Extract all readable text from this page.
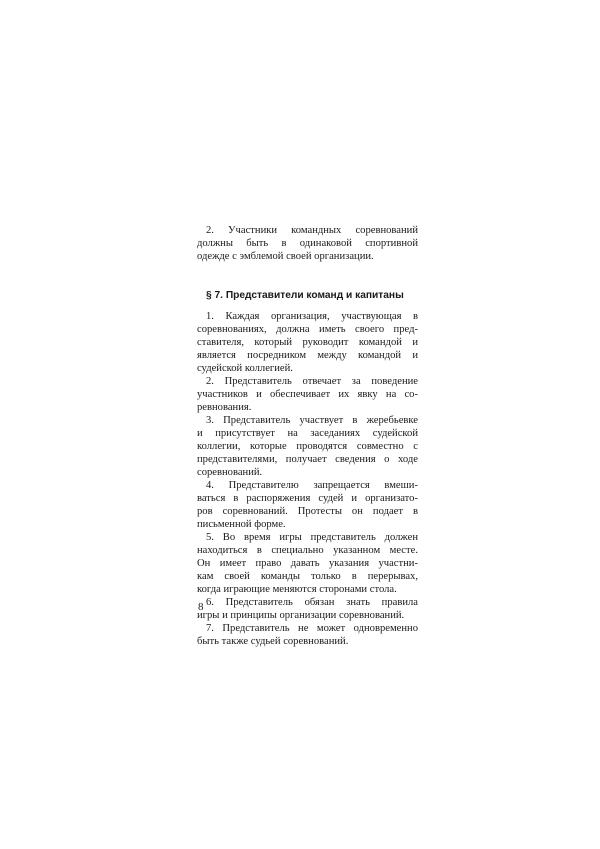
2. Участники командных соревнований
должны быть в одинаковой спортивной
одежде с эмблемой своей организации.
§ 7. Представители команд и капитаны
1. Каждая организация, участвующая в
соревнованиях, должна иметь своего пред-
ставителя, который руководит командой и
является посредником между командой и
судейской коллегией.
2. Представитель отвечает за поведение
участников и обеспечивает их явку на со-
ревнования.
3. Представитель участвует в жеребьевке
и присутствует на заседаниях судейской
коллегии, которые проводятся совместно с
представителями, получает сведения о ходе
соревнований.
4. Представителю запрещается вмеши-
ваться в распоряжения судей и организато-
ров соревнований. Протесты он подает в
письменной форме.
5. Во время игры представитель должен
находиться в специально указанном месте.
Он имеет право давать указания участни-
кам своей команды только в перерывах,
когда играющие меняются сторонами стола.
6. Представитель обязан знать правила
игры и принципы организации соревнований.
7. Представитель не может одновременно
быть также судьей соревнований.
8
